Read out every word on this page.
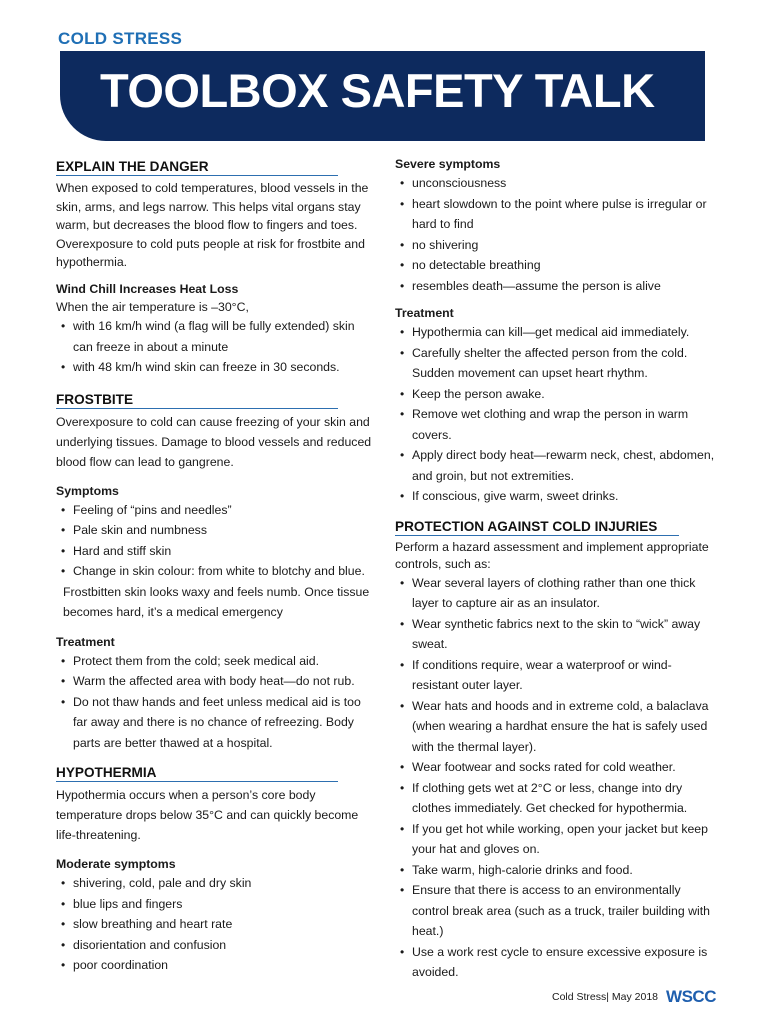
COLD STRESS
TOOLBOX SAFETY TALK
EXPLAIN THE DANGER

When exposed to cold temperatures, blood vessels in the skin, arms, and legs narrow. This helps vital organs stay warm, but decreases the blood flow to fingers and toes. Overexposure to cold puts people at risk for frostbite and hypothermia.

Wind Chill Increases Heat Loss

When the air temperature is –30°C,

• with 16 km/h wind (a flag will be fully extended) skin can freeze in about a minute
• with 48 km/h wind skin can freeze in 30 seconds.
FROSTBITE

Overexposure to cold can cause freezing of your skin and underlying tissues. Damage to blood vessels and reduced blood flow can lead to gangrene.

Symptoms
• Feeling of “pins and needles”
• Pale skin and numbness
• Hard and stiff skin
• Change in skin colour: from white to blotchy and blue.

Frostbitten skin looks waxy and feels numb. Once tissue becomes hard, it’s a medical emergency

Treatment
• Protect them from the cold; seek medical aid.
• Warm the affected area with body heat—do not rub.
• Do not thaw hands and feet unless medical aid is too far away and there is no chance of refreezing. Body parts are better thawed at a hospital.
HYPOTHERMIA

Hypothermia occurs when a person’s core body temperature drops below 35°C and can quickly become life-threatening.

Moderate symptoms
• shivering, cold, pale and dry skin
• blue lips and fingers
• slow breathing and heart rate
• disorientation and confusion
• poor coordination
Severe symptoms
• unconsciousness
• heart slowdown to the point where pulse is irregular or hard to find
• no shivering
• no detectable breathing
• resembles death—assume the person is alive
Treatment
• Hypothermia can kill—get medical aid immediately.
• Carefully shelter the affected person from the cold. Sudden movement can upset heart rhythm.
• Keep the person awake.
• Remove wet clothing and wrap the person in warm covers.
• Apply direct body heat—rewarm neck, chest, abdomen, and groin, but not extremities.
• If conscious, give warm, sweet drinks.
PROTECTION AGAINST COLD INJURIES

Perform a hazard assessment and implement appropriate controls, such as:

• Wear several layers of clothing rather than one thick layer to capture air as an insulator.
• Wear synthetic fabrics next to the skin to “wick” away sweat.
• If conditions require, wear a waterproof or wind-resistant outer layer.
• Wear hats and hoods and in extreme cold, a balaclava (when wearing a hardhat ensure the hat is safely used with the thermal layer).
• Wear footwear and socks rated for cold weather.
• If clothing gets wet at 2°C or less, change into dry clothes immediately. Get checked for hypothermia.
• If you get hot while working, open your jacket but keep your hat and gloves on.
• Take warm, high-calorie drinks and food.
• Ensure that there is access to an environmentally control break area (such as a truck, trailer building with heat.)
• Use a work rest cycle to ensure excessive exposure is avoided.
Cold Stress| May 2018 WSCC
